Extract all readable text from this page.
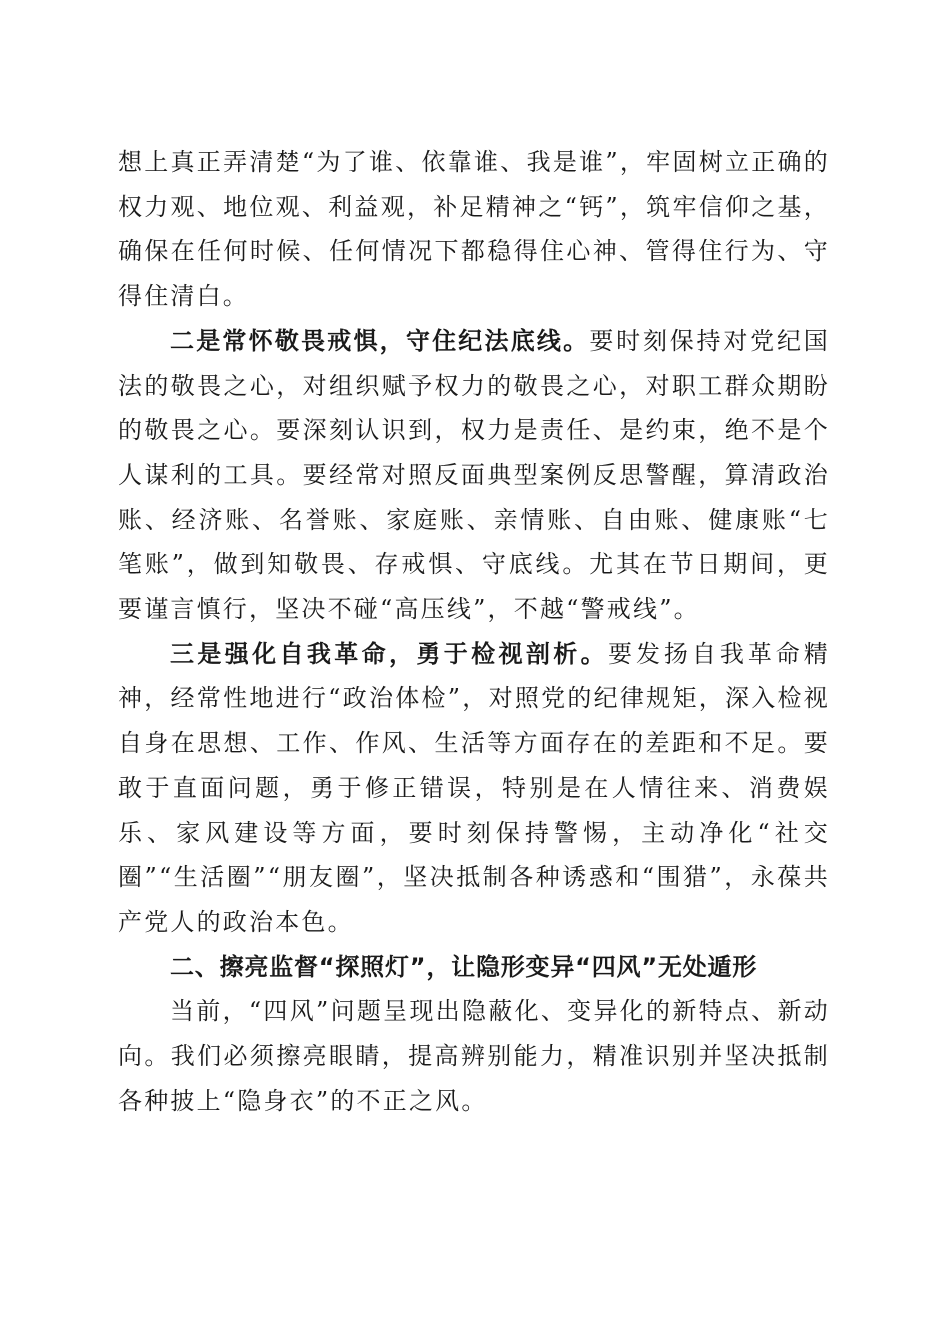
想上真正弄清楚“为了谁、依靠谁、我是谁”，牢固树立正确的权力观、地位观、利益观，补足精神之“钙”，筑牢信仰之基，确保在任何时候、任何情况下都稳得住心神、管得住行为、守得住清白。

二是常怀敬畏戒惧，守住纪法底线。要时刻保持对党纪国法的敬畏之心，对组织赋予权力的敬畏之心，对职工群众期盼的敬畏之心。要深刻认识到，权力是责任、是约束，绝不是个人谋利的工具。要经常对照反面典型案例反思警醒，算清政治账、经济账、名誉账、家庭账、亲情账、自由账、健康账“七笔账”，做到知敬畏、存戒惧、守底线。尤其在节日期间，更要谨言慎行，坚决不碰“高压线”，不越“警戒线”。

三是强化自我革命，勇于检视剖析。要发扬自我革命精神，经常性地进行“政治体检”，对照党的纪律规矩，深入检视自身在思想、工作、作风、生活等方面存在的差距和不足。要敢于直面问题，勇于修正错误，特别是在人情往来、消费娱乐、家风建设等方面，要时刻保持警惕，主动净化“社交圈”“生活圈”“朋友圈”，坚决抵制各种诱惑和“围猎”，永葆共产党人的政治本色。

二、擦亮监督“探照灯”，让隐形变异“四风”无处遁形

当前，“四风”问题呈现出隐蔽化、变异化的新特点、新动向。我们必须擦亮眼睛，提高辨别能力，精准识别并坚决抵制各种披上“隐身衣”的不正之风。
